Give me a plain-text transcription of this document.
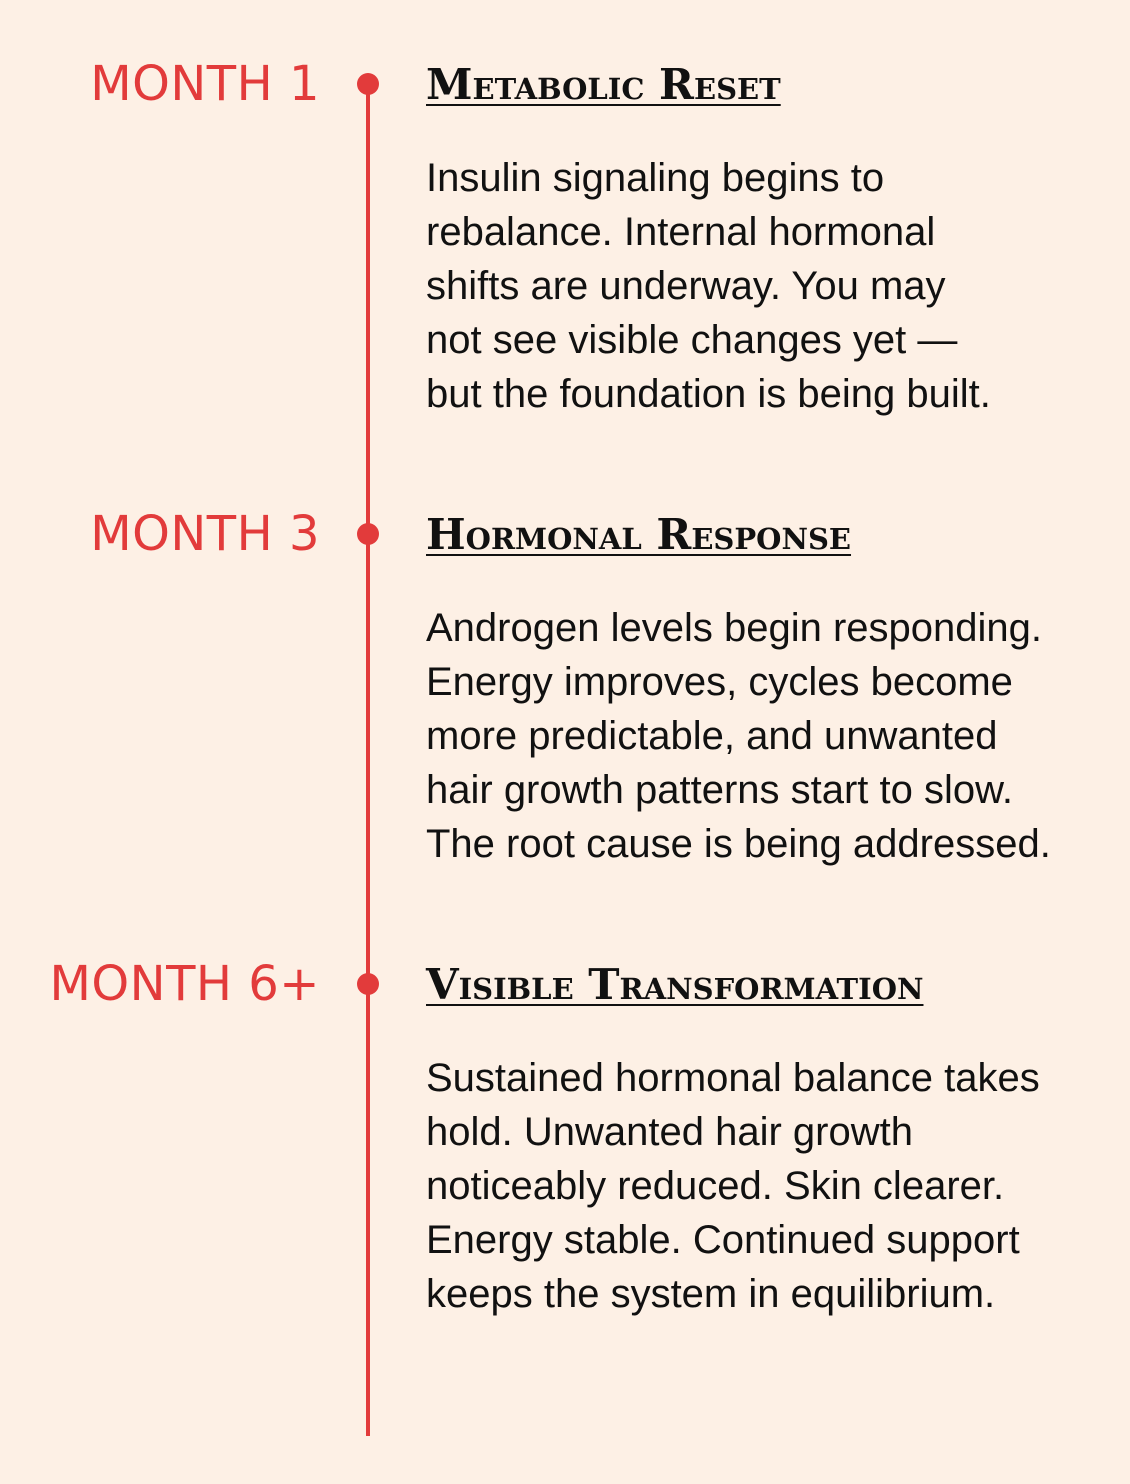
MONTH 1	Metabolic Reset

Insulin signaling begins to
rebalance. Internal hormonal
shifts are underway. You may
not see visible changes yet —
but the foundation is being built.

MONTH 3	Hormonal Response

Androgen levels begin responding.
Energy improves, cycles become
more predictable, and unwanted
hair growth patterns start to slow.
The root cause is being addressed.

MONTH 6+	Visible Transformation

Sustained hormonal balance takes
hold. Unwanted hair growth
noticeably reduced. Skin clearer.
Energy stable. Continued support
keeps the system in equilibrium.
